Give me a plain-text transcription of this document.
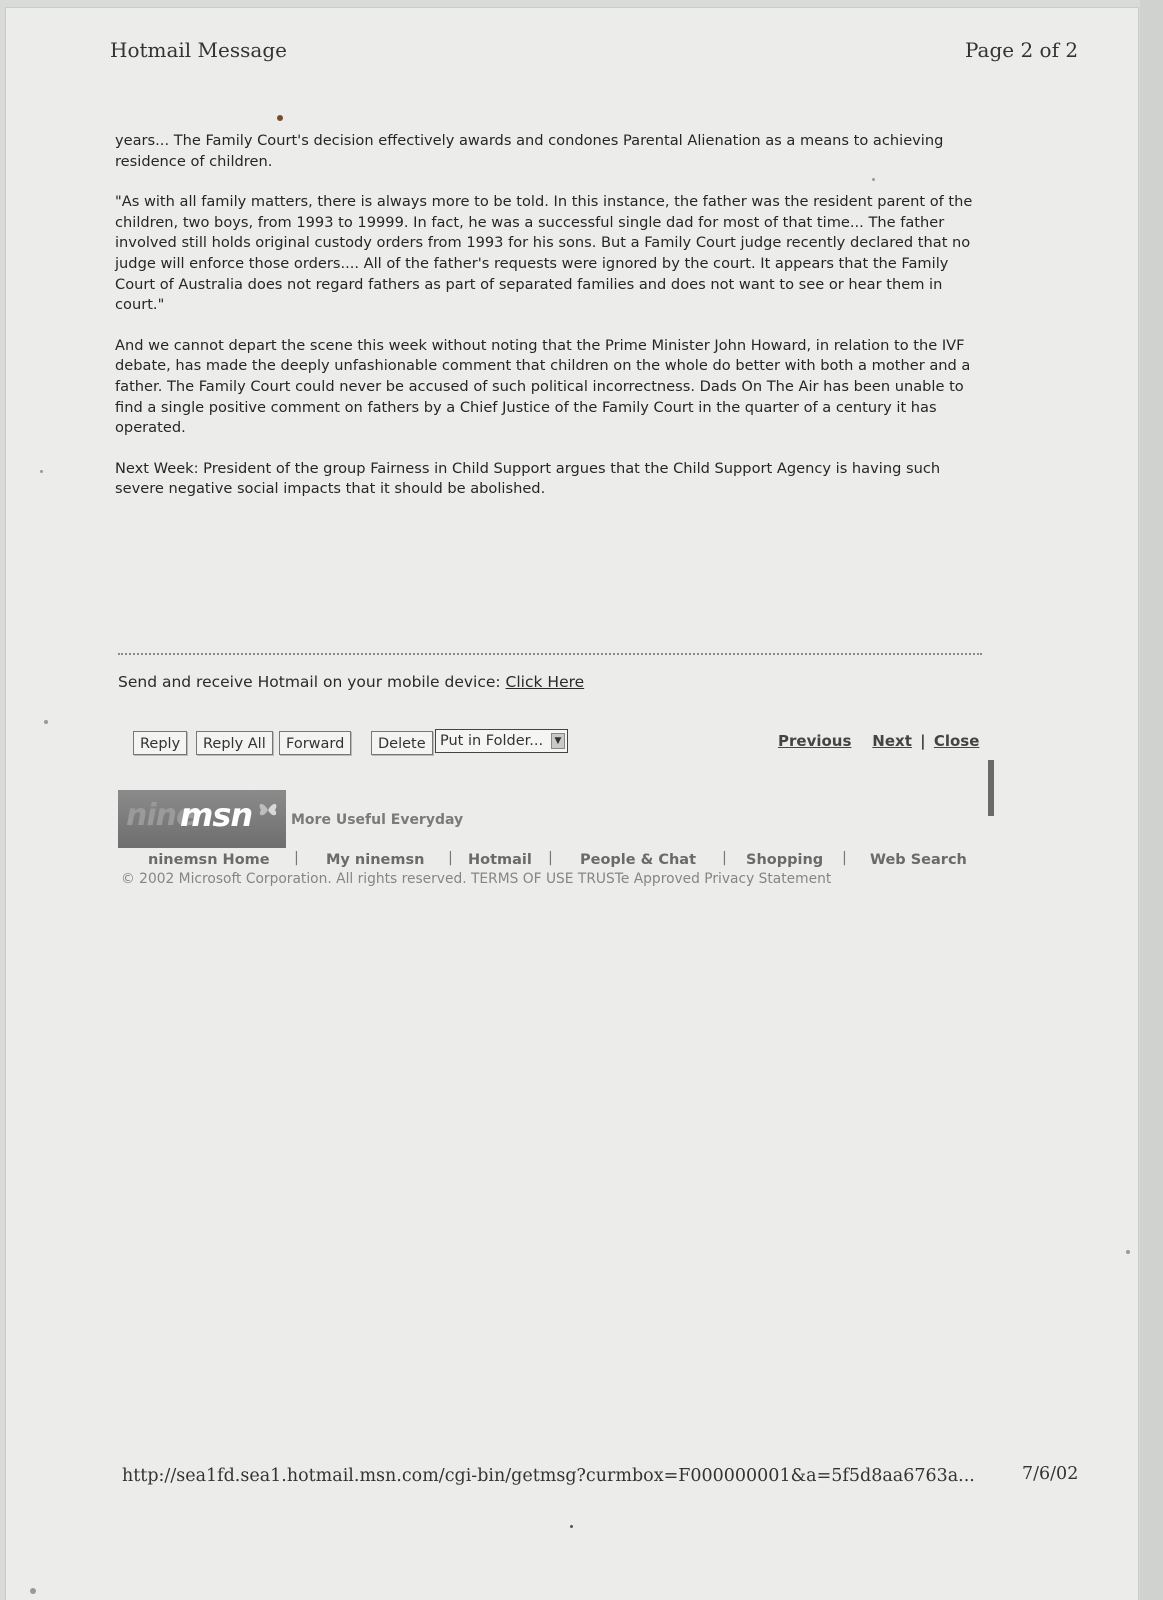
Hotmail Message	Page 2 of 2

years... The Family Court's decision effectively awards and condones Parental Alienation as a means to achieving residence of children.

"As with all family matters, there is always more to be told. In this instance, the father was the resident parent of the children, two boys, from 1993 to 19999. In fact, he was a successful single dad for most of that time... The father involved still holds original custody orders from 1993 for his sons. But a Family Court judge recently declared that no judge will enforce those orders.... All of the father's requests were ignored by the court. It appears that the Family Court of Australia does not regard fathers as part of separated families and does not want to see or hear them in court."

And we cannot depart the scene this week without noting that the Prime Minister John Howard, in relation to the IVF debate, has made the deeply unfashionable comment that children on the whole do better with both a mother and a father. The Family Court could never be accused of such political incorrectness. Dads On The Air has been unable to find a single positive comment on fathers by a Chief Justice of the Family Court in the quarter of a century it has operated.

Next Week: President of the group Fairness in Child Support argues that the Child Support Agency is having such severe negative social impacts that it should be abolished.

Send and receive Hotmail on your mobile device: Click Here
Reply	Reply All	Forward	Delete Put in Folder...	▼	Previous Next | Close
nine
msn	More Useful Everyday
ninemsn Home | My ninemsn | Hotmail | People & Chat | Shopping | Web Search
© 2002 Microsoft Corporation. All rights reserved. TERMS OF USE TRUSTe Approved Privacy Statement
http://sea1fd.sea1.hotmail.msn.com/cgi-bin/getmsg?curmbox=F000000001&a=5f5d8aa6763a...	7/6/02
